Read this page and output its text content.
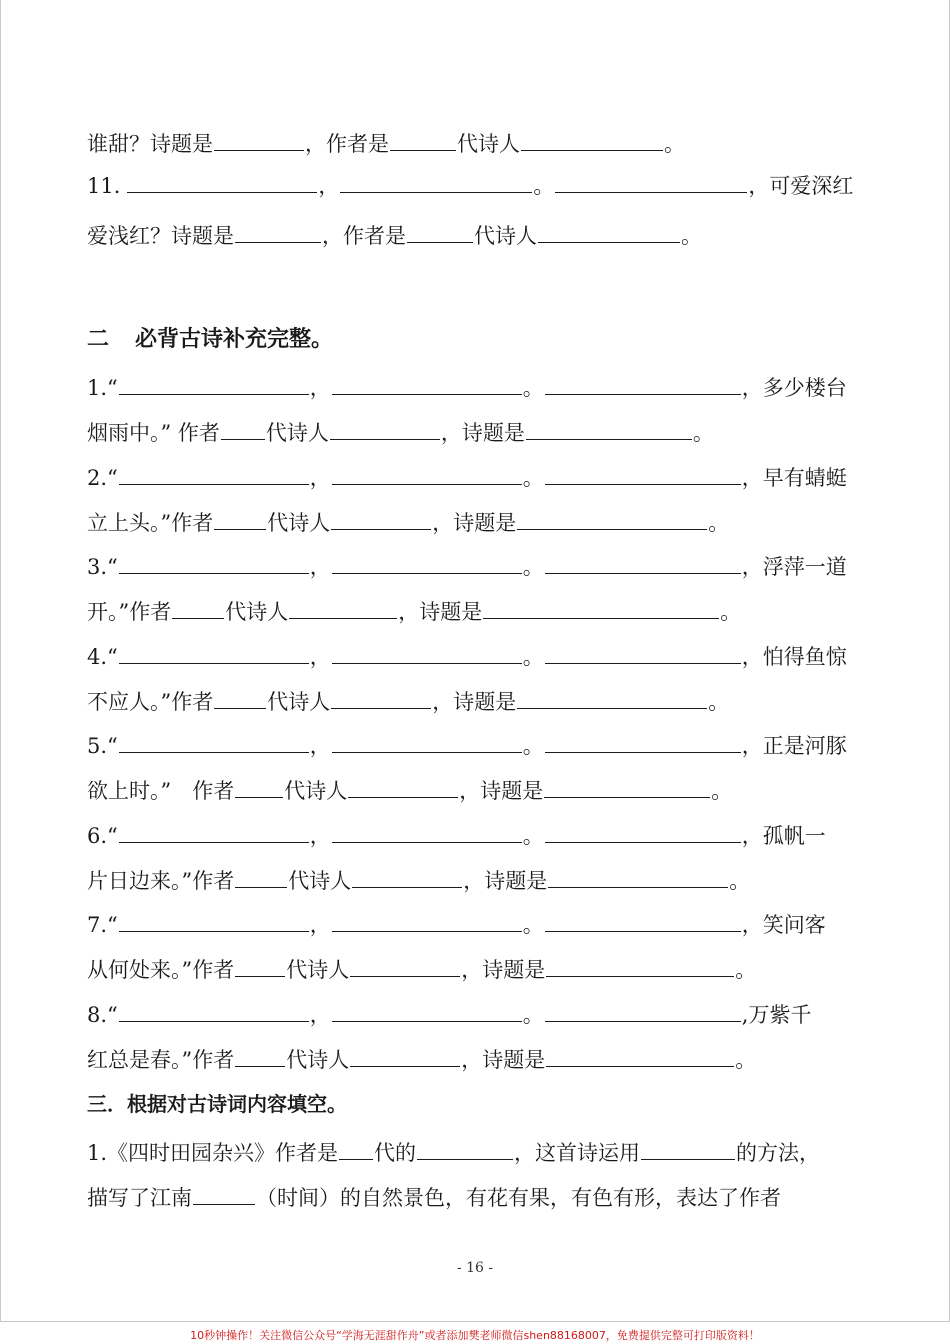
谁甜？诗题是	，作者是	代诗人	。
11.	，	。	，可爱深红
爱浅红？诗题是	，作者是	代诗人	。
二 必背古诗补充完整。
1. “	，	。	，多少楼台
烟雨中。” 作者 代诗人	，诗题是	。
2. “	，	。	，早有蜻蜓
立上头。”作者	代诗人	，诗题是	。
3. “	，	。	，浮萍一道
开。”作者	代诗人	，诗题是	。
4. “	，	。	，怕得鱼惊
不应人。”作者	代诗人	，诗题是	。
5. “	，	。	，正是河豚
欲上时。”　作者 代诗人	，诗题是	。
6. “	，	。	，孤帆一
片日边来。”作者	代诗人	，诗题是	。
7. “	，	。	，笑问客
从何处来。”作者 代诗人	，诗题是	。
8. “	，	。	,万紫千
红总是春。”作者 代诗人	，诗题是	。
三．根据对古诗词内容填空。
1.《四时田园杂兴》作者是 代的	，这首诗运用	的方法，
描写了江南	（时间）的自然景色，有花有果，有色有形，表达了作者
- 16 -
10秒钟操作！关注微信公众号“学海无涯甜作舟”或者添加樊老师微信shen88168007，免费提供完整可打印版资料！
